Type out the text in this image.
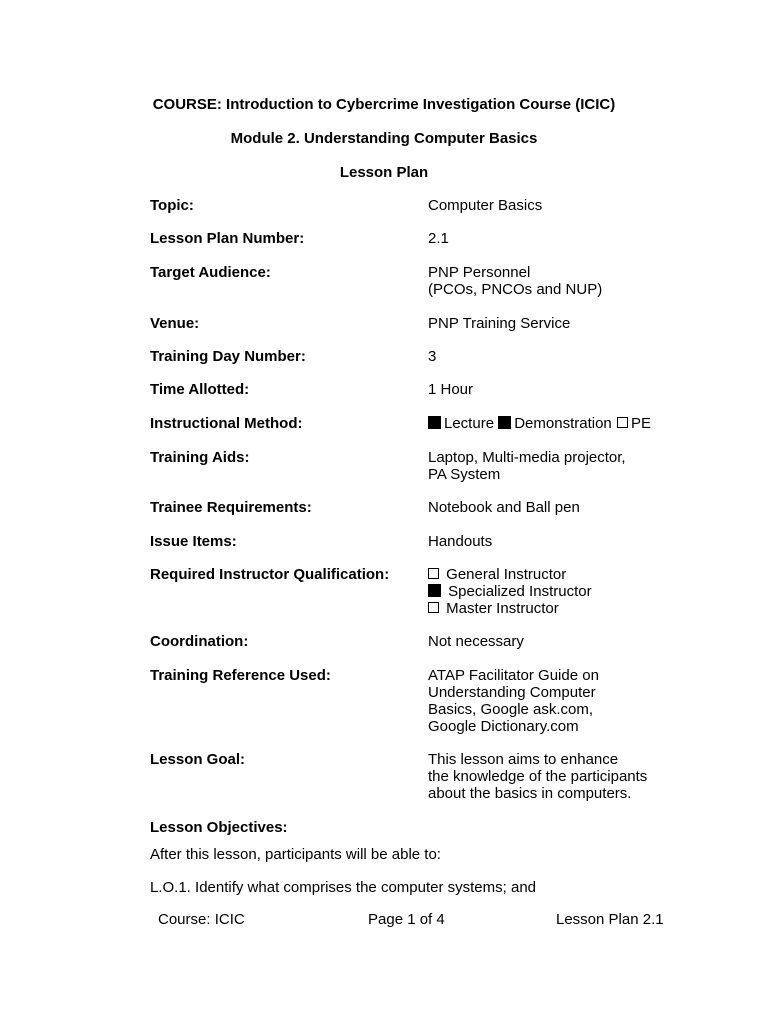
COURSE: Introduction to Cybercrime Investigation Course (ICIC)
Module 2. Understanding Computer Basics
Lesson Plan
Topic:	Computer Basics
Lesson Plan Number:	2.1
Target Audience:	PNP Personnel
(PCOs, PNCOs and NUP)
Venue:	PNP Training Service
Training Day Number:	3
Time Allotted:	1 Hour
Instructional Method:	Lecture Demonstration PE
Training Aids:	Laptop, Multi-media projector,
PA System
Trainee Requirements:	Notebook and Ball pen
Issue Items:	Handouts
Required Instructor Qualification:	General Instructor
Specialized Instructor
Master Instructor
Coordination:	Not necessary
Training Reference Used:	ATAP Facilitator Guide on
Understanding Computer
Basics, Google ask.com,
Google Dictionary.com
Lesson Goal:	This lesson aims to enhance
the knowledge of the participants
about the basics in computers.
Lesson Objectives:
After this lesson, participants will be able to:
L.O.1. Identify what comprises the computer systems; and
Course: ICIC	Page 1 of 4	Lesson Plan 2.1
